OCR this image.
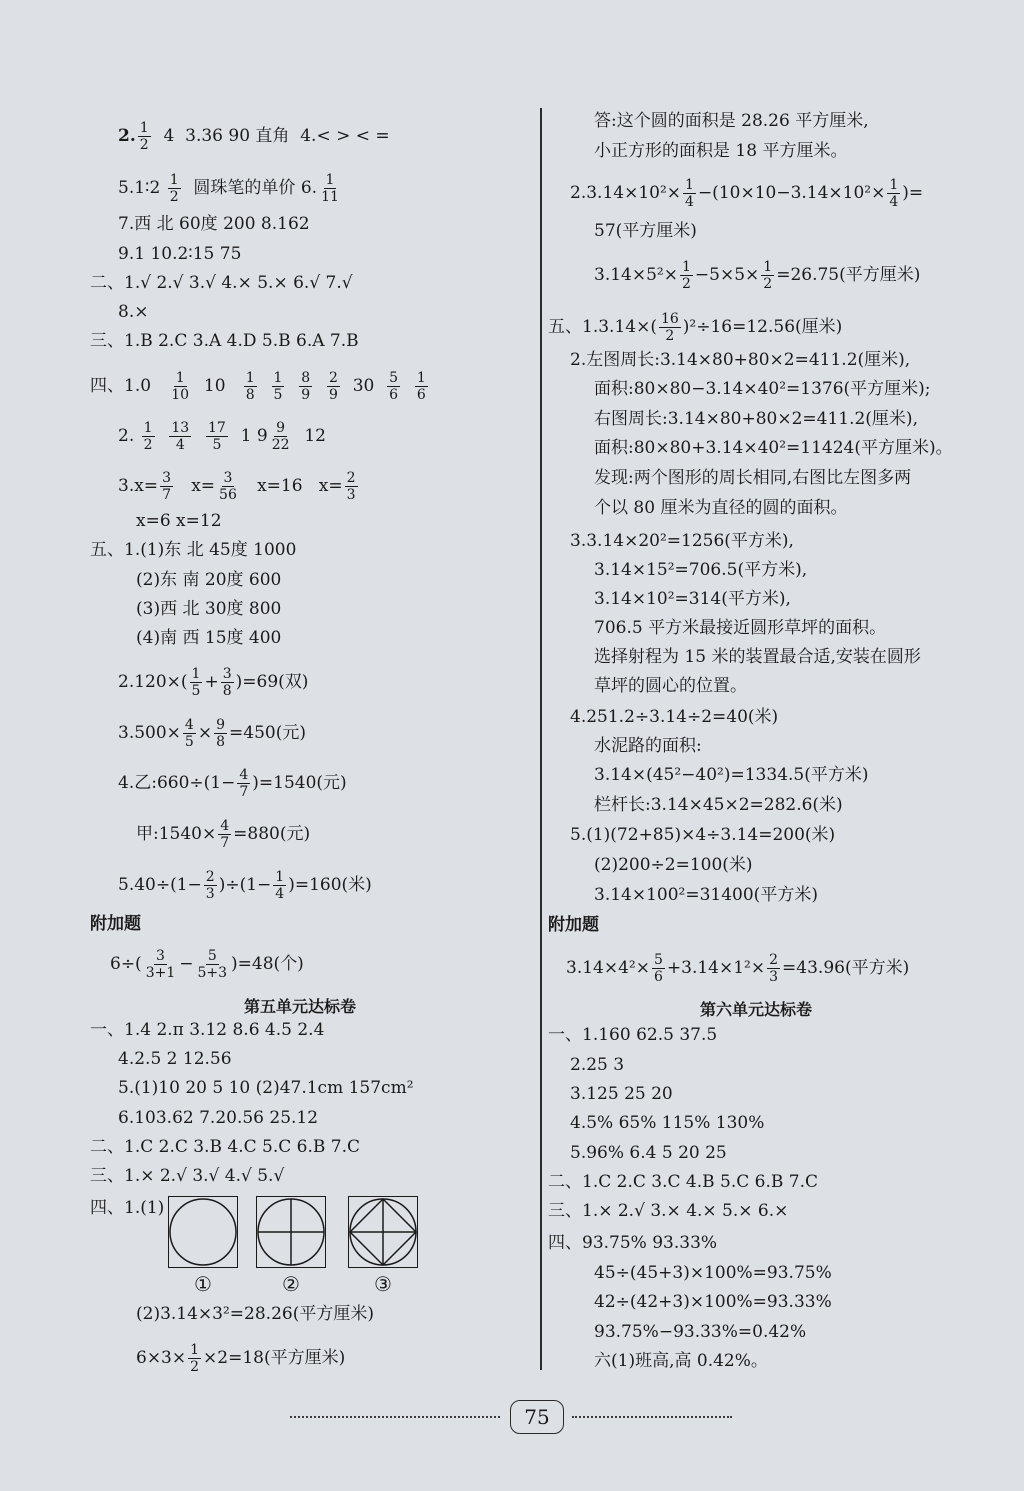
2. $\frac{1}{2} 4$ 3.36 90 直角 4.< > < =
5.1∶2 $\frac{1}{2}$ 圆珠笔的单价 6. $\frac{1}{11}$
7.西 北 60度 200 8.162
9.1 10.2∶15 75
二、1.√ 2.√ 3.√ 4.× 5.× 6.√ 7.√
8.×
三、1.B 2.C 3.A 4.D 5.B 6.A 7.B
四、$1.0 \frac{1}{10} 10 \frac{1}{8}$
$\frac{1}{5}$
$\frac{8}{9}$
$\frac{2}{9} 30 \frac{5}{6}$
$\frac{1}{6}$
2. $\frac{1}{2}$
$\frac{13}{4}$
$\frac{17}{5} 1$ $9 \frac{9}{22} 12$
$3.x= \frac{3}{7} x= \frac{3}{56} x=16$ $x= \frac{2}{3}$
x=6 x=12
五、1.(1)东 北 45度 1000
(2)东 南 20度 600
(3)西 北 30度 800
(4)南 西 15度 400
$2.120\times( \frac{1}{5} + \frac{3}{8} )=69$(双)
$3.500\times \frac{4}{5} \times \frac{9}{8} =450$(元)
4.乙:660÷(1− $\frac{4}{7} )=1540$(元)
甲:1540× $\frac{4}{7} =880$(元)
$5.40\div(1- \frac{2}{3} )\div(1- \frac{1}{4} )=160$(米)
附加题
$6\div( \frac{3}{3+1} - \frac{5}{5+3} )=48$(个)
第五单元达标卷
一、1.4 2.π 3.12 8.6 4.5 2.4
4.2.5 2 12.56
5.(1)10 20 5 10 (2)47.1cm 157cm²
6.103.62 7.20.56 25.12
二、1.C 2.C 3.B 4.C 5.C 6.B 7.C
三、1.× 2.√ 3.√ 4.√ 5.√
四、1.(1)
①	②	③
(2)3.14×3²=28.26(平方厘米)
$6\times 3\times \frac{1}{2} \times 2=18$(平方厘米)
答:这个圆的面积是 28.26 平方厘米,
小正方形的面积是 18 平方厘米。
$2.3.14\times 10^2\times \frac{1}{4} -(10\times 10-3.14\times 10^2\times \frac{1}{4}$ )=
57(平方厘米)
$3.14\times 5^2\times \frac{1}{2} -5\times 5\times \frac{1}{2} =26.75$(平方厘米)
五、$1.3.14\times( \frac{16}{2} )^2\div 16=12.56$(厘米)
2.左图周长:3.14×80+80×2=411.2(厘米),
面积:80×80−3.14×40²=1376(平方厘米);
右图周长:3.14×80+80×2=411.2(厘米),
面积:80×80+3.14×40²=11424(平方厘米)。
发现:两个图形的周长相同,右图比左图多两
个以 80 厘米为直径的圆的面积。
3.3.14×20²=1256(平方米),
3.14×15²=706.5(平方米),
3.14×10²=314(平方米),
706.5 平方米最接近圆形草坪的面积。
选择射程为 15 米的装置最合适,安装在圆形
草坪的圆心的位置。
4.251.2÷3.14÷2=40(米)
水泥路的面积:
3.14×(45²−40²)=1334.5(平方米)
栏杆长:3.14×45×2=282.6(米)
5.(1)(72+85)×4÷3.14=200(米)
(2)200÷2=100(米)
3.14×100²=31400(平方米)
附加题
$3.14\times 4^2\times \frac{5}{6} +3.14\times 1^2\times \frac{2}{3} =43.96$(平方米)
第六单元达标卷
一、1.160 62.5 37.5
2.25 3
3.125 25 20
4.5% 65% 115% 130%
5.96% 6.4 5 20 25
二、1.C 2.C 3.C 4.B 5.C 6.B 7.C
三、1.× 2.√ 3.× 4.× 5.× 6.×
四、93.75% 93.33%
45÷(45+3)×100%=93.75%
42÷(42+3)×100%=93.33%
93.75%−93.33%=0.42%
六(1)班高,高 0.42%。
75
